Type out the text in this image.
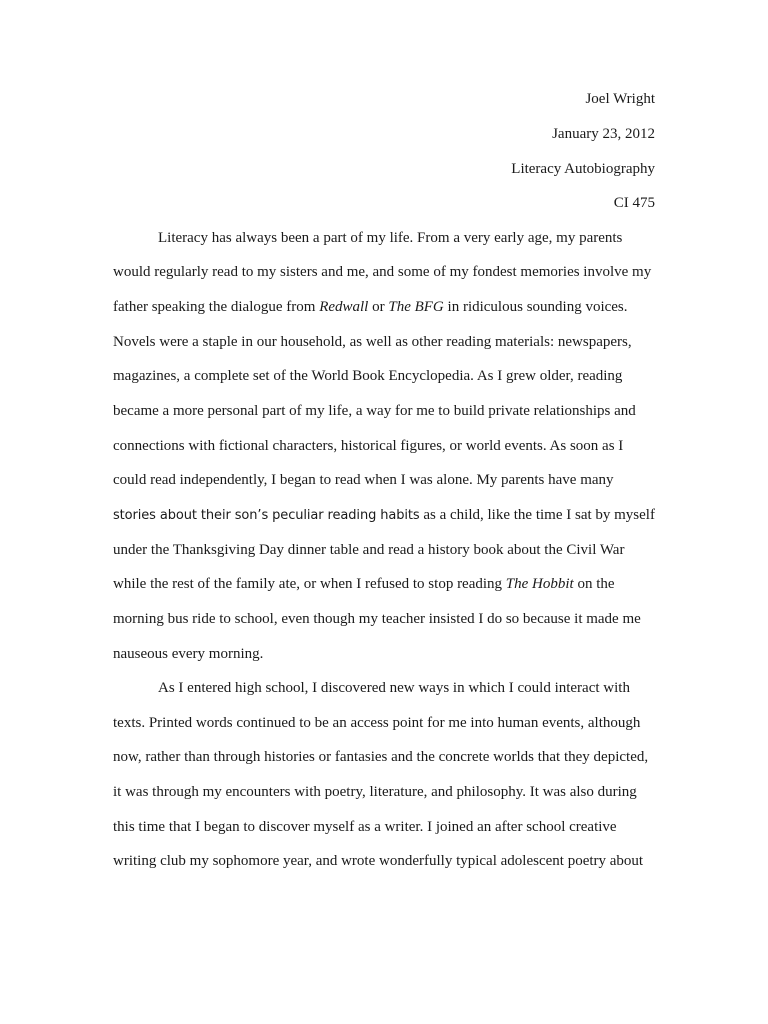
Joel Wright
January 23, 2012
Literacy Autobiography
CI 475
Literacy has always been a part of my life. From a very early age, my parents
would regularly read to my sisters and me, and some of my fondest memories involve my
father speaking the dialogue from Redwall or The BFG in ridiculous sounding voices.
Novels were a staple in our household, as well as other reading materials: newspapers,
magazines, a complete set of the World Book Encyclopedia. As I grew older, reading
became a more personal part of my life, a way for me to build private relationships and
connections with fictional characters, historical figures, or world events. As soon as I
could read independently, I began to read when I was alone. My parents have many
stories about their son’s peculiar reading habits as a child, like the time I sat by myself
under the Thanksgiving Day dinner table and read a history book about the Civil War
while the rest of the family ate, or when I refused to stop reading The Hobbit on the
morning bus ride to school, even though my teacher insisted I do so because it made me
nauseous every morning.
As I entered high school, I discovered new ways in which I could interact with
texts. Printed words continued to be an access point for me into human events, although
now, rather than through histories or fantasies and the concrete worlds that they depicted,
it was through my encounters with poetry, literature, and philosophy. It was also during
this time that I began to discover myself as a writer. I joined an after school creative
writing club my sophomore year, and wrote wonderfully typical adolescent poetry about
